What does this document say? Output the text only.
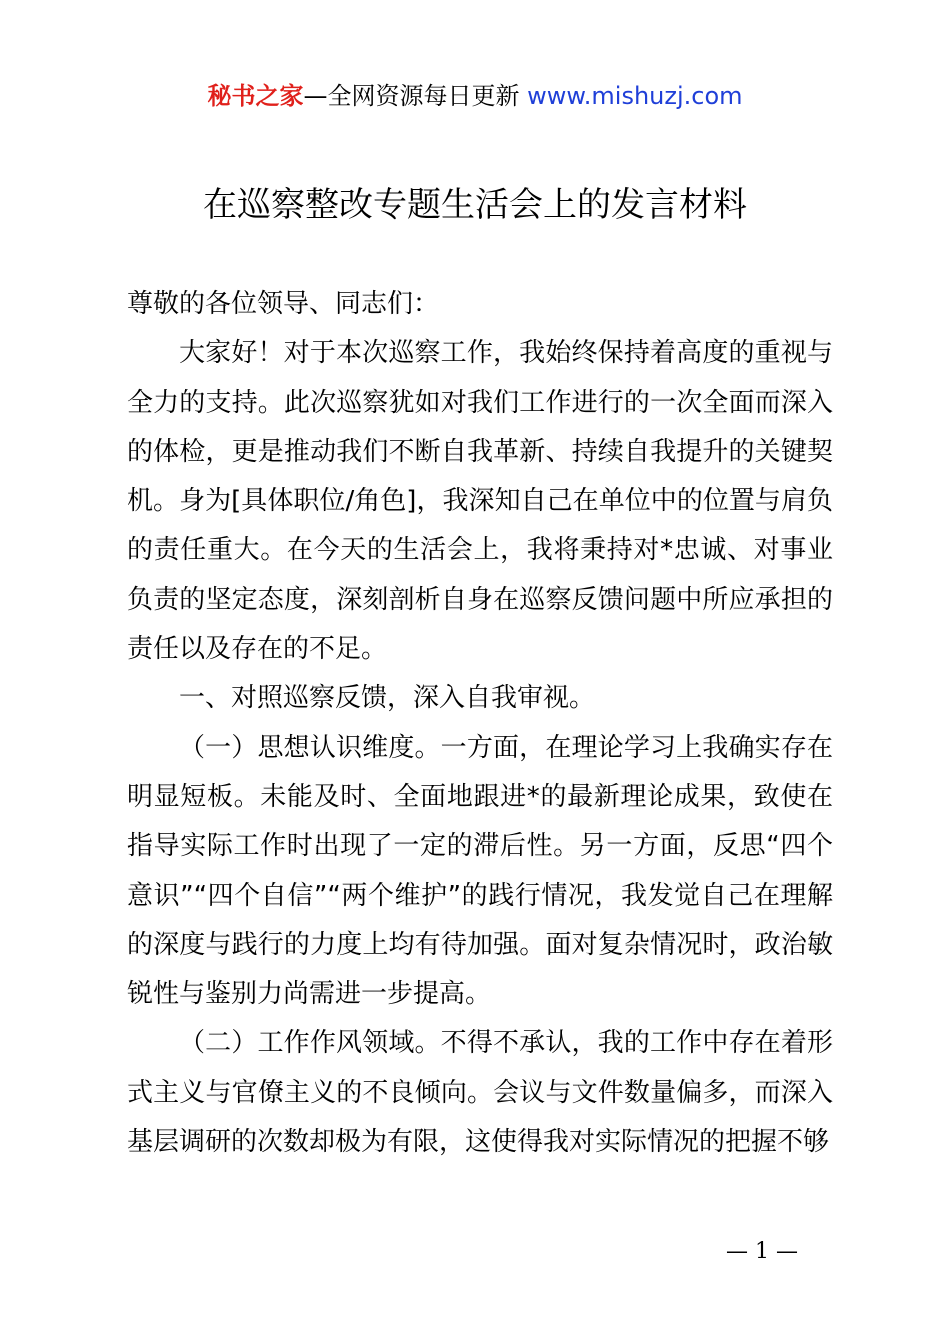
秘书之家—全网资源每日更新 www.mishuzj.com
在巡察整改专题生活会上的发言材料

尊敬的各位领导、同志们：

大家好！对于本次巡察工作，我始终保持着高度的重视与全力的支持。此次巡察犹如对我们工作进行的一次全面而深入的体检，更是推动我们不断自我革新、持续自我提升的关键契机。身为[具体职位/角色]，我深知自己在单位中的位置与肩负的责任重大。在今天的生活会上，我将秉持对*忠诚、对事业负责的坚定态度，深刻剖析自身在巡察反馈问题中所应承担的责任以及存在的不足。

一、对照巡察反馈，深入自我审视。

（一）思想认识维度。一方面，在理论学习上我确实存在明显短板。未能及时、全面地跟进*的最新理论成果，致使在指导实际工作时出现了一定的滞后性。另一方面，反思“四个意识”“四个自信”“两个维护”的践行情况，我发觉自己在理解的深度与践行的力度上均有待加强。面对复杂情况时，政治敏锐性与鉴别力尚需进一步提高。

（二）工作作风领域。不得不承认，我的工作中存在着形式主义与官僚主义的不良倾向。会议与文件数量偏多，而深入基层调研的次数却极为有限，这使得我对实际情况的把握不够

— 1 —
